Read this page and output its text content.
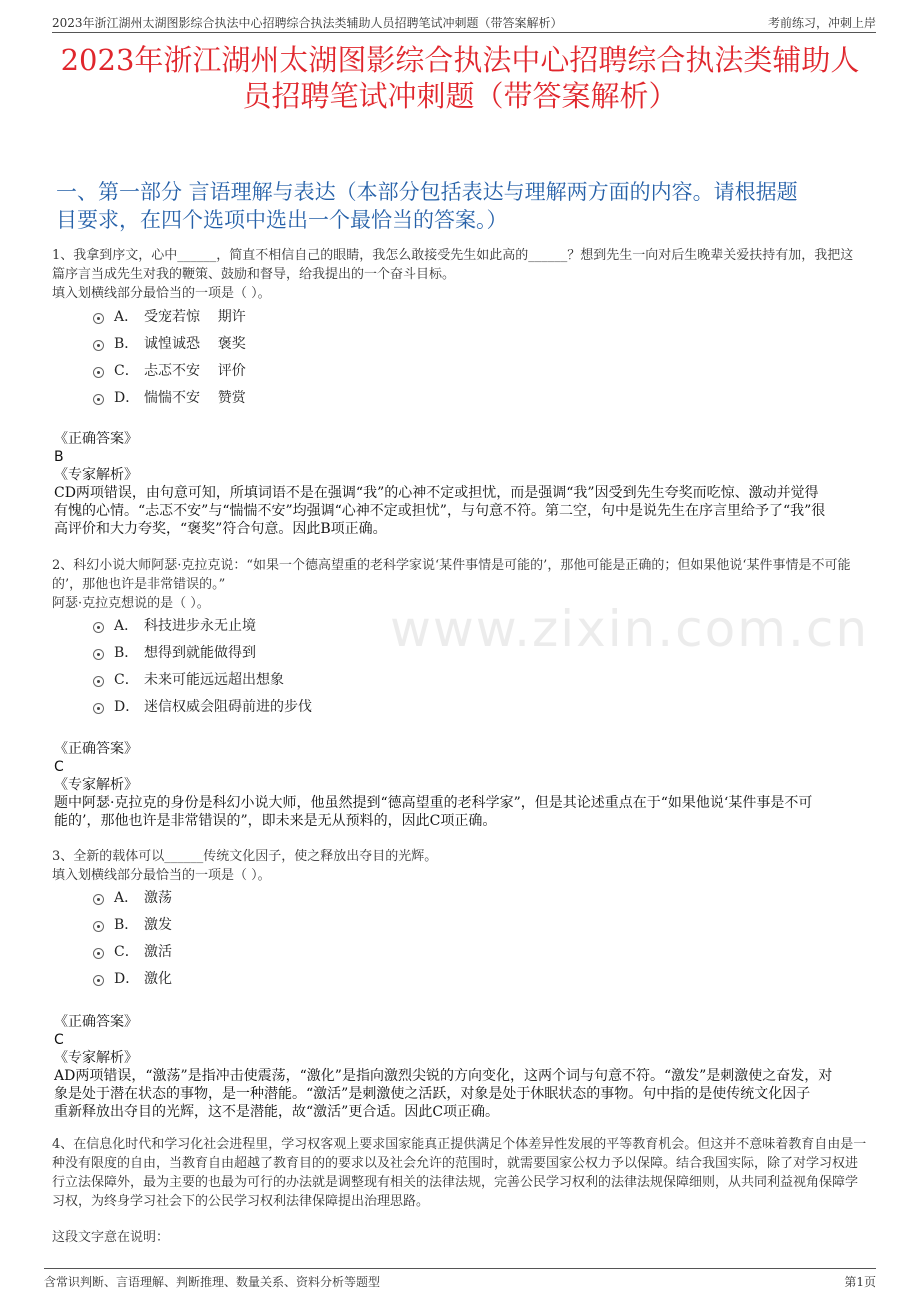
2023年浙江湖州太湖图影综合执法中心招聘综合执法类辅助人员招聘笔试冲刺题（带答案解析）	考前练习，冲刺上岸
2023年浙江湖州太湖图影综合执法中心招聘综合执法类辅助人
员招聘笔试冲刺题（带答案解析）
一、第一部分 言语理解与表达（本部分包括表达与理解两方面的内容。请根据题
目要求，在四个选项中选出一个最恰当的答案。）
www.zixin.com.cn

1、我拿到序文，心中______，简直不相信自己的眼睛，我怎么敢接受先生如此高的______？想到先生一向对后生晚辈关爱扶持有加，我把这

篇序言当成先生对我的鞭策、鼓励和督导，给我提出的一个奋斗目标。

填入划横线部分最恰当的一项是（ ）。

A． 受宠若惊    期许
B． 诚惶诚恐    褒奖
C． 忐忑不安    评价
D． 惴惴不安    赞赏

《正确答案》

B

《专家解析》

CD两项错误，由句意可知，所填词语不是在强调“我”的心神不定或担忧，而是强调“我”因受到先生夸奖而吃惊、激动并觉得

有愧的心情。“忐忑不安”与“惴惴不安”均强调“心神不定或担忧”，与句意不符。第二空，句中是说先生在序言里给予了“我”很

高评价和大力夸奖，“褒奖”符合句意。因此B项正确。

2、科幻小说大师阿瑟·克拉克说：“如果一个德高望重的老科学家说‘某件事情是可能的’，那他可能是正确的；但如果他说‘某件事情是不可能

的’，那他也许是非常错误的。”

阿瑟·克拉克想说的是（ ）。

A． 科技进步永无止境
B． 想得到就能做得到
C． 未来可能远远超出想象
D． 迷信权威会阻碍前进的步伐

《正确答案》

C

《专家解析》

题中阿瑟·克拉克的身份是科幻小说大师，他虽然提到“德高望重的老科学家”，但是其论述重点在于“如果他说‘某件事是不可

能的’，那他也许是非常错误的”，即未来是无从预料的，因此C项正确。

3、全新的载体可以______传统文化因子，使之释放出夺目的光辉。

填入划横线部分最恰当的一项是（ ）。

A． 激荡
B． 激发
C． 激活
D． 激化

《正确答案》

C

《专家解析》

AD两项错误，“激荡”是指冲击使震荡，“激化”是指向激烈尖锐的方向变化，这两个词与句意不符。“激发”是刺激使之奋发，对

象是处于潜在状态的事物，是一种潜能。“激活”是刺激使之活跃，对象是处于休眠状态的事物。句中指的是使传统文化因子

重新释放出夺目的光辉，这不是潜能，故“激活”更合适。因此C项正确。

4、在信息化时代和学习化社会进程里，学习权客观上要求国家能真正提供满足个体差异性发展的平等教育机会。但这并不意味着教育自由是一

种没有限度的自由，当教育自由超越了教育目的的要求以及社会允许的范围时，就需要国家公权力予以保障。结合我国实际，除了对学习权进

行立法保障外，最为主要的也最为可行的办法就是调整现有相关的法律法规，完善公民学习权利的法律法规保障细则，从共同利益视角保障学

习权，为终身学习社会下的公民学习权利法律保障提出治理思路。

这段文字意在说明：
含常识判断、言语理解、判断推理、数量关系、资料分析等题型	第1页
